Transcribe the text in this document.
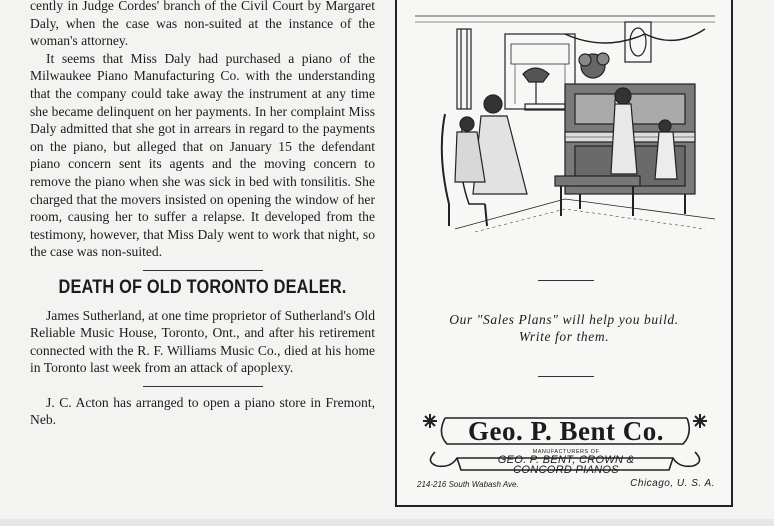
cently in Judge Cordes' branch of the Civil Court by Margaret Daly, when the case was non-suited at the instance of the woman's attorney.

It seems that Miss Daly had purchased a piano of the Milwaukee Piano Manufacturing Co. with the understanding that the company could take away the instrument at any time she became delinquent on her payments. In her complaint Miss Daly admitted that she got in arrears in regard to the payments on the piano, but alleged that on January 15 the defendant piano concern sent its agents and the moving concern to remove the piano when she was sick in bed with tonsilitis. She charged that the movers insisted on opening the window of her room, causing her to suffer a relapse. It developed from the testimony, however, that Miss Daly went to work that night, so the case was non-suited.

DEATH OF OLD TORONTO DEALER.

James Sutherland, at one time proprietor of Sutherland's Old Reliable Music House, Toronto, Ont., and after his retirement connected with the R. F. Williams Music Co., died at his home in Toronto last week from an attack of apoplexy.

J. C. Acton has arranged to open a piano store in Fremont, Neb.

Our "Sales Plans" will help you build.
Write for them.
Geo. P. Bent Co.
MANUFACTURERS OF
GEO. P. BENT, CROWN &
CONCORD PIANOS
214-216 South Wabash Ave.	Chicago, U. S. A.
